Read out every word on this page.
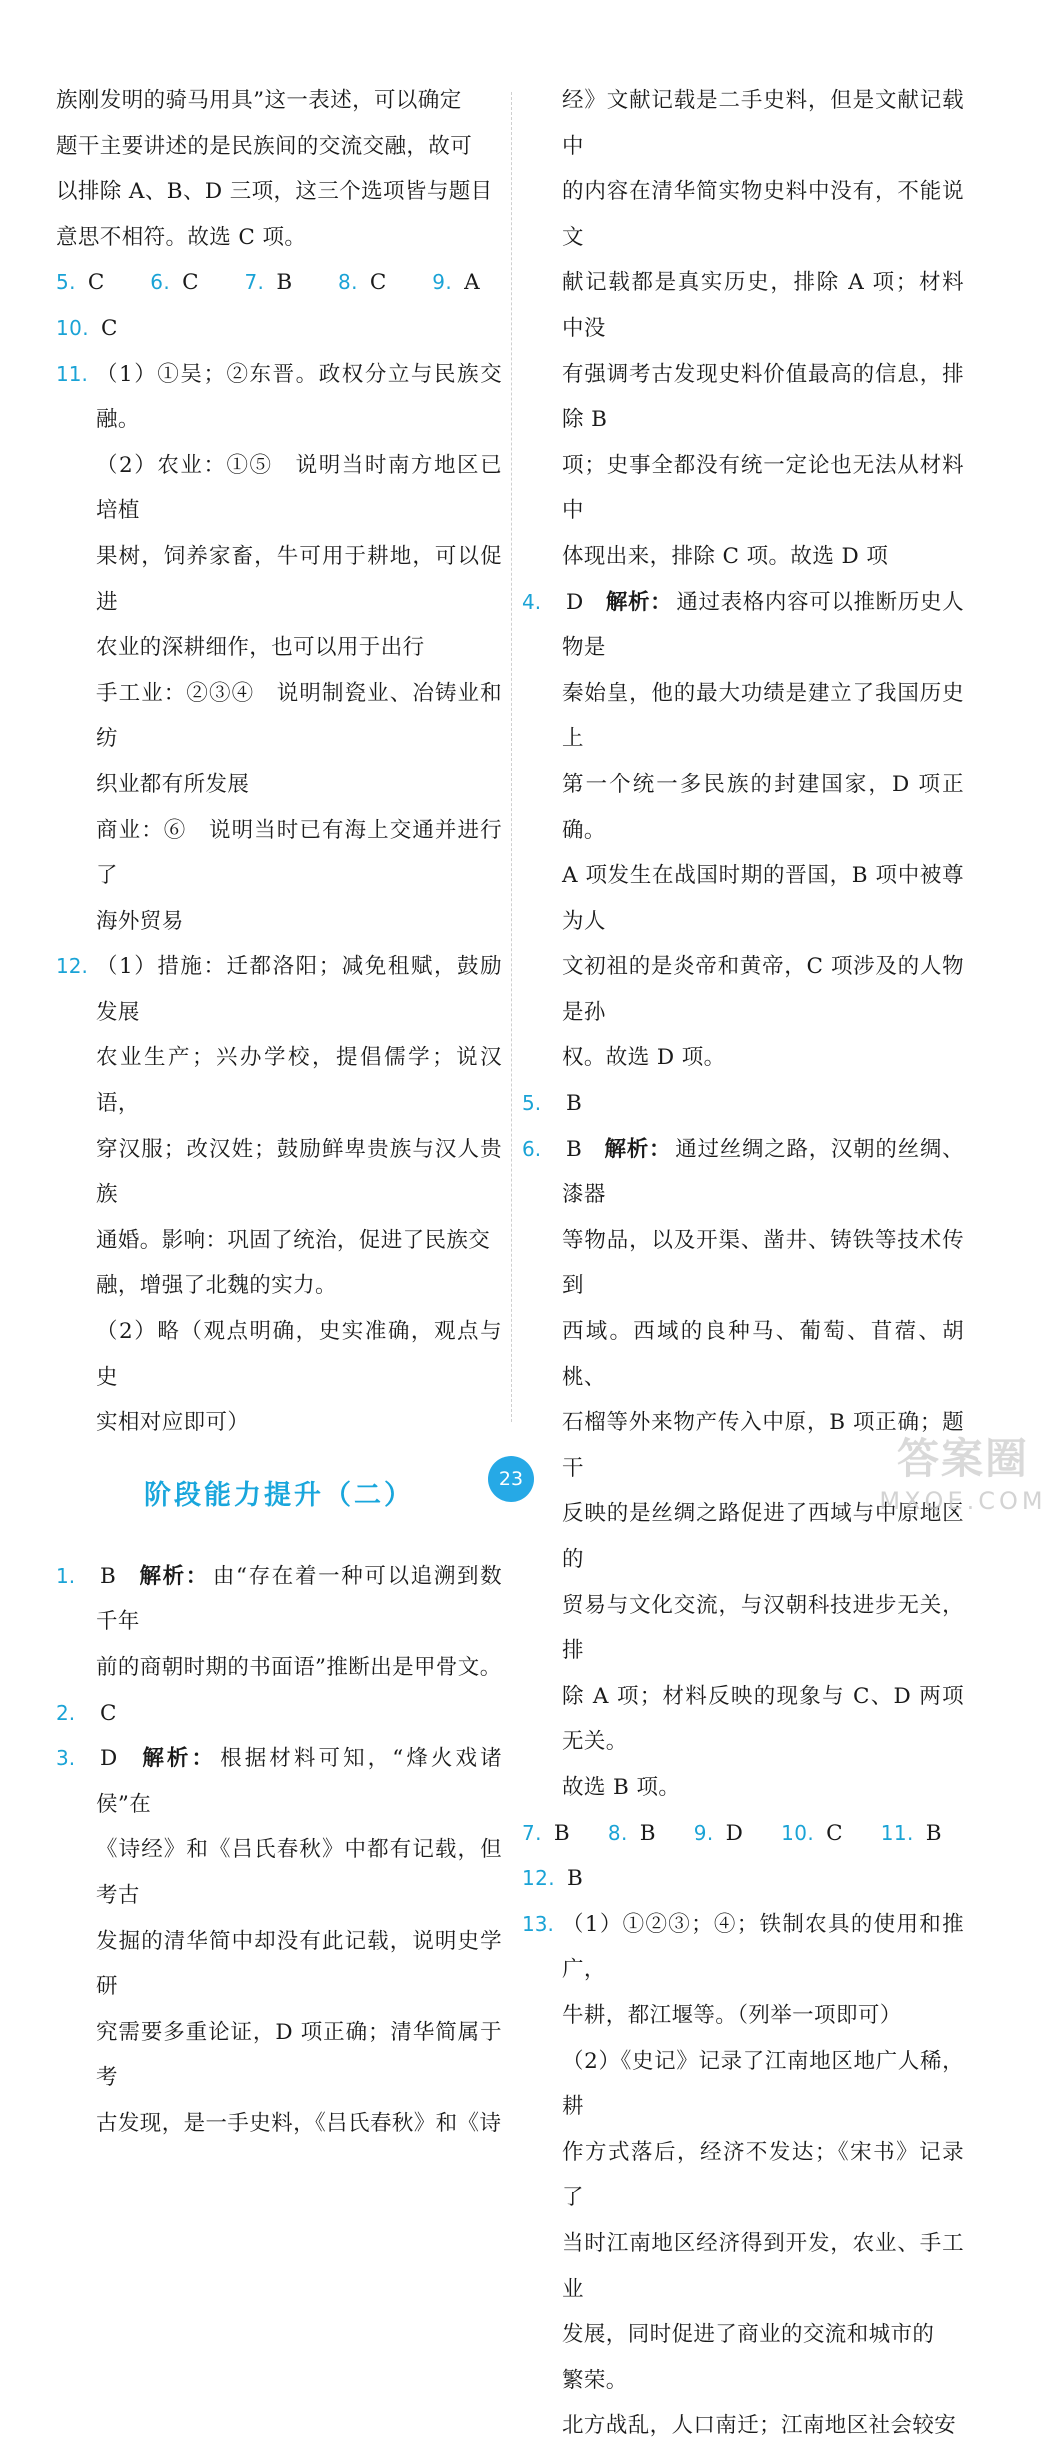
族刚发明的骑马用具”这一表述，可以确定
题干主要讲述的是民族间的交流交融，故可
以排除 A、B、D 三项，这三个选项皆与题目
意思不相符。故选 C 项。
5. C 6. C 7. B 8. C 9. A 10. C
11. （1）①吴；②东晋。政权分立与民族交融。
（2）农业：①⑤　说明当时南方地区已培植
果树，饲养家畜，牛可用于耕地，可以促进
农业的深耕细作，也可以用于出行
手工业：②③④　说明制瓷业、冶铸业和纺
织业都有所发展
商业：⑥　说明当时已有海上交通并进行了
海外贸易
12. （1）措施：迁都洛阳；减免租赋，鼓励发展
农业生产；兴办学校，提倡儒学；说汉语，
穿汉服；改汉姓；鼓励鲜卑贵族与汉人贵族
通婚。影响：巩固了统治，促进了民族交
融，增强了北魏的实力。
（2）略（观点明确，史实准确，观点与史
实相对应即可）
阶段能力提升（二）
1.	B 解析： 由“存在着一种可以追溯到数千年
前的商朝时期的书面语”推断出是甲骨文。
2.	C
3.	D 解析： 根据材料可知，“烽火戏诸侯”在
《诗经》和《吕氏春秋》中都有记载，但考古
发掘的清华简中却没有此记载，说明史学研
究需要多重论证，D 项正确；清华简属于考
古发现，是一手史料，《吕氏春秋》和《诗
经》文献记载是二手史料，但是文献记载中
的内容在清华简实物史料中没有，不能说文
献记载都是真实历史，排除 A 项；材料中没
有强调考古发现史料价值最高的信息，排除 B
项；史事全都没有统一定论也无法从材料中
体现出来，排除 C 项。故选 D 项
4.	D 解析： 通过表格内容可以推断历史人物是
秦始皇，他的最大功绩是建立了我国历史上
第一个统一多民族的封建国家，D 项正确。
A 项发生在战国时期的晋国，B 项中被尊为人
文初祖的是炎帝和黄帝，C 项涉及的人物是孙
权。故选 D 项。
5.	B
6.	B 解析： 通过丝绸之路，汉朝的丝绸、漆器
等物品，以及开渠、凿井、铸铁等技术传到
西域。西域的良种马、葡萄、苜蓿、胡桃、
石榴等外来物产传入中原，B 项正确；题干
反映的是丝绸之路促进了西域与中原地区的
贸易与文化交流，与汉朝科技进步无关，排
除 A 项；材料反映的现象与 C、D 两项无关。
故选 B 项。
7. B 8. B 9. D 10. C 11. B 12. B
13. （1）①②③；④；铁制农具的使用和推广，
牛耕，都江堰等。（列举一项即可）
（2）《史记》记录了江南地区地广人稀，耕
作方式落后，经济不发达；《宋书》记录了
当时江南地区经济得到开发，农业、手工业
发展，同时促进了商业的交流和城市的
繁荣。
北方战乱，人口南迁；江南地区社会较安
23	答案圈
MXQE.COM
